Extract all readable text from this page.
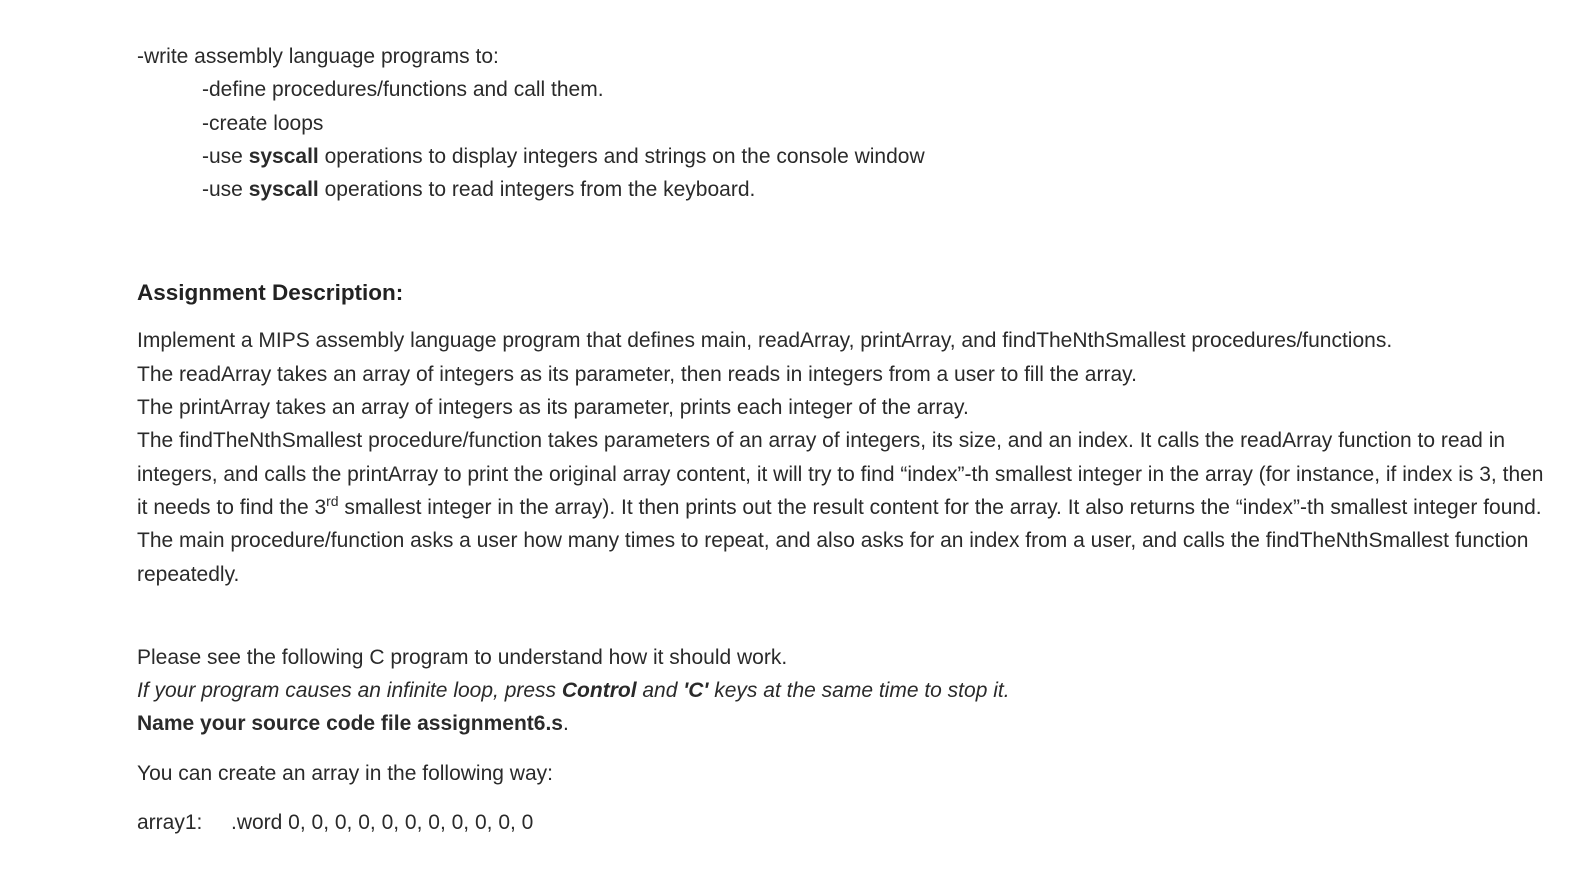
-write assembly language programs to:
-define procedures/functions and call them.
-create loops
-use syscall operations to display integers and strings on the console window
-use syscall operations to read integers from the keyboard.
Assignment Description:
Implement a MIPS assembly language program that defines main, readArray, printArray, and findTheNthSmallest procedures/functions.
The readArray takes an array of integers as its parameter, then reads in integers from a user to fill the array.
The printArray takes an array of integers as its parameter, prints each integer of the array.
The findTheNthSmallest procedure/function takes parameters of an array of integers, its size, and an index. It calls the readArray function to read in integers, and calls the printArray to print the original array content, it will try to find “index”-th smallest integer in the array (for instance, if index is 3, then it needs to find the 3rd smallest integer in the array). It then prints out the result content for the array. It also returns the “index”-th smallest integer found. The main procedure/function asks a user how many times to repeat, and also asks for an index from a user, and calls the findTheNthSmallest function repeatedly.
Please see the following C program to understand how it should work.
If your program causes an infinite loop, press Control and 'C' keys at the same time to stop it.
Name your source code file assignment6.s.
You can create an array in the following way:
array1: .word 0, 0, 0, 0, 0, 0, 0, 0, 0, 0, 0
